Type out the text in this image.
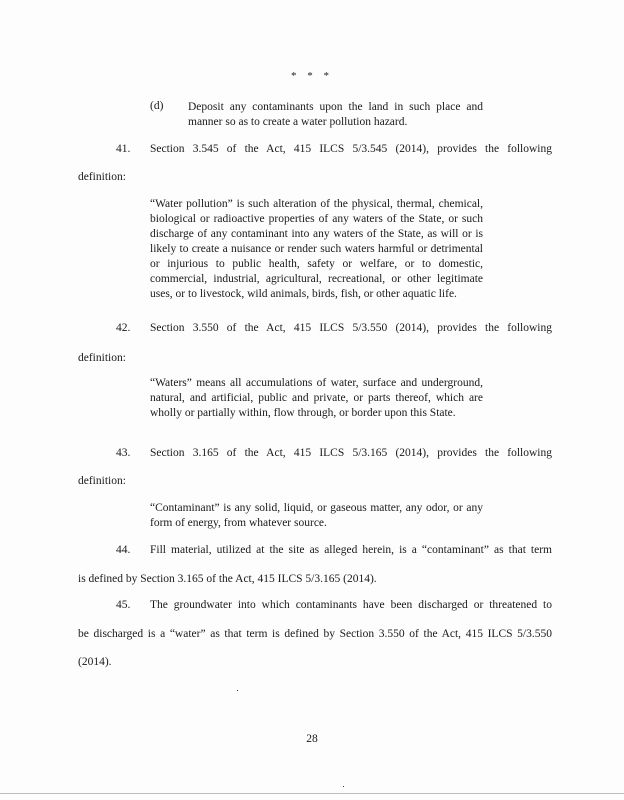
* * *
(d) Deposit any contaminants upon the land in such place and manner so as to create a water pollution hazard.
41. Section 3.545 of the Act, 415 ILCS 5/3.545 (2014), provides the following
definition:
“Water pollution” is such alteration of the physical, thermal, chemical, biological or radioactive properties of any waters of the State, or such discharge of any contaminant into any waters of the State, as will or is likely to create a nuisance or render such waters harmful or detrimental or injurious to public health, safety or welfare, or to domestic, commercial, industrial, agricultural, recreational, or other legitimate uses, or to livestock, wild animals, birds, fish, or other aquatic life.
42. Section 3.550 of the Act, 415 ILCS 5/3.550 (2014), provides the following
definition:
“Waters” means all accumulations of water, surface and underground, natural, and artificial, public and private, or parts thereof, which are wholly or partially within, flow through, or border upon this State.
43. Section 3.165 of the Act, 415 ILCS 5/3.165 (2014), provides the following
definition:
“Contaminant” is any solid, liquid, or gaseous matter, any odor, or any form of energy, from whatever source.
44. Fill material, utilized at the site as alleged herein, is a “contaminant” as that term
is defined by Section 3.165 of the Act, 415 ILCS 5/3.165 (2014).
45. The groundwater into which contaminants have been discharged or threatened to
be discharged is a “water” as that term is defined by Section 3.550 of the Act, 415 ILCS 5/3.550
(2014).
28
